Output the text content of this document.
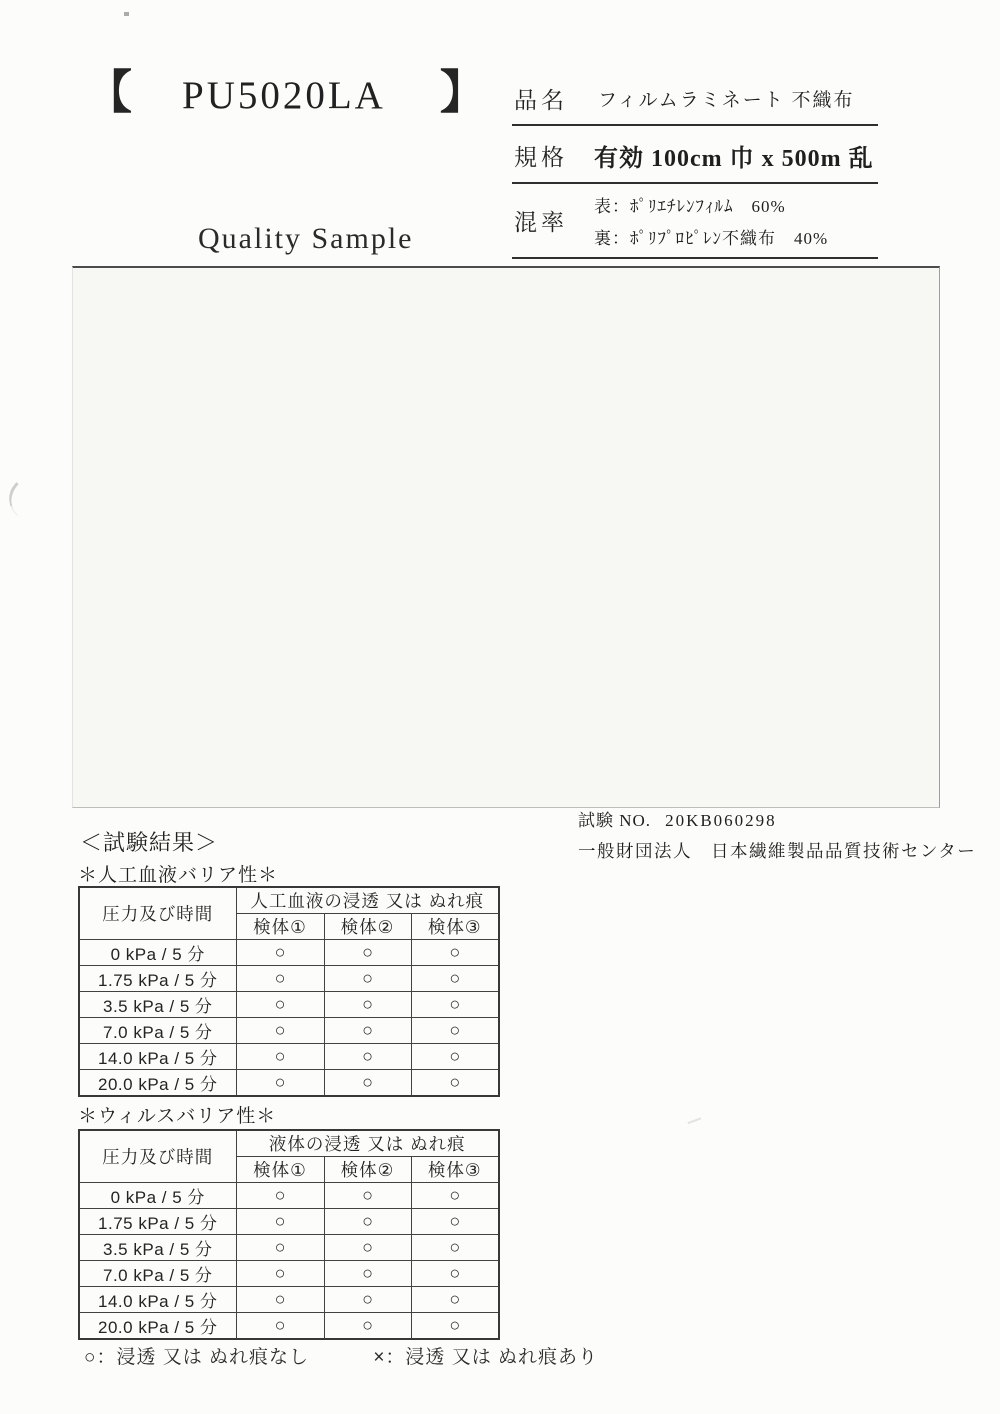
【 PU5020LA 】 品名	フィルムラミネート 不織布
規格	有効 100cm 巾 x 500m 乱
混率
表：ﾎﾟﾘｴﾁﾚﾝﾌｨﾙﾑ　60%
裏：ﾎﾟﾘﾌﾟﾛﾋﾟﾚﾝ不織布　40%
Quality Sample
試験 NO. 20KB060298
一般財団法人　日本繊維製品品質技術センター
＜試験結果＞
＊人工血液バリア性＊
圧力及び時間	人工血液の浸透 又は ぬれ痕		
	検体①	検体②	検体③
0 kPa / 5 分	○	○	○
1.75 kPa / 5 分	○	○	○
3.5 kPa / 5 分	○	○	○
7.0 kPa / 5 分	○	○	○
14.0 kPa / 5 分	○	○	○
20.0 kPa / 5 分	○	○	○
＊ウィルスバリア性＊
圧力及び時間	液体の浸透 又は ぬれ痕		
	検体①	検体②	検体③
0 kPa / 5 分	○	○	○
1.75 kPa / 5 分	○	○	○
3.5 kPa / 5 分	○	○	○
7.0 kPa / 5 分	○	○	○
14.0 kPa / 5 分	○	○	○
20.0 kPa / 5 分	○	○	○
○：浸透 又は ぬれ痕なし	×：浸透 又は ぬれ痕あり
